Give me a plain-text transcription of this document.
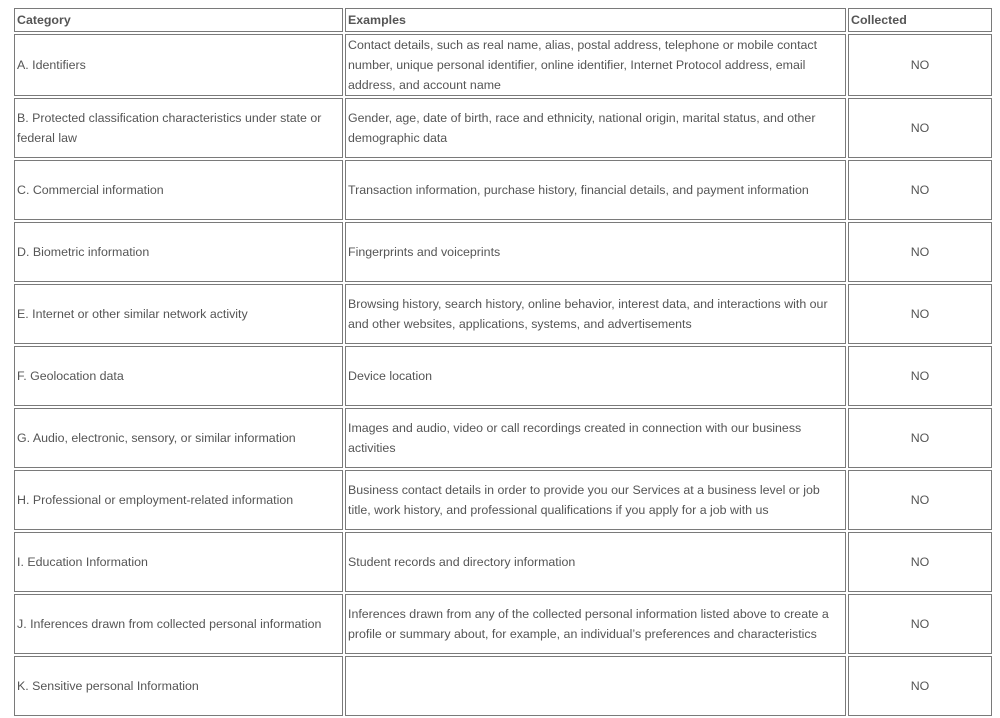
Category	Examples	Collected
A. Identifiers	Contact details, such as real name, alias, postal address, telephone or mobile contact number, unique personal identifier, online identifier, Internet Protocol address, email address, and account name	NO
B. Protected classification characteristics under state or federal law	Gender, age, date of birth, race and ethnicity, national origin, marital status, and other demographic data	NO
C. Commercial information	Transaction information, purchase history, financial details, and payment information	NO
D. Biometric information	Fingerprints and voiceprints	NO
E. Internet or other similar network activity	Browsing history, search history, online behavior, interest data, and interactions with our and other websites, applications, systems, and advertisements	NO
F. Geolocation data	Device location	NO
G. Audio, electronic, sensory, or similar information	Images and audio, video or call recordings created in connection with our business activities	NO
H. Professional or employment-related information	Business contact details in order to provide you our Services at a business level or job title, work history, and professional qualifications if you apply for a job with us	NO
I. Education Information	Student records and directory information	NO
J. Inferences drawn from collected personal information	Inferences drawn from any of the collected personal information listed above to create a profile or summary about, for example, an individual’s preferences and characteristics	NO
K. Sensitive personal Information		NO
